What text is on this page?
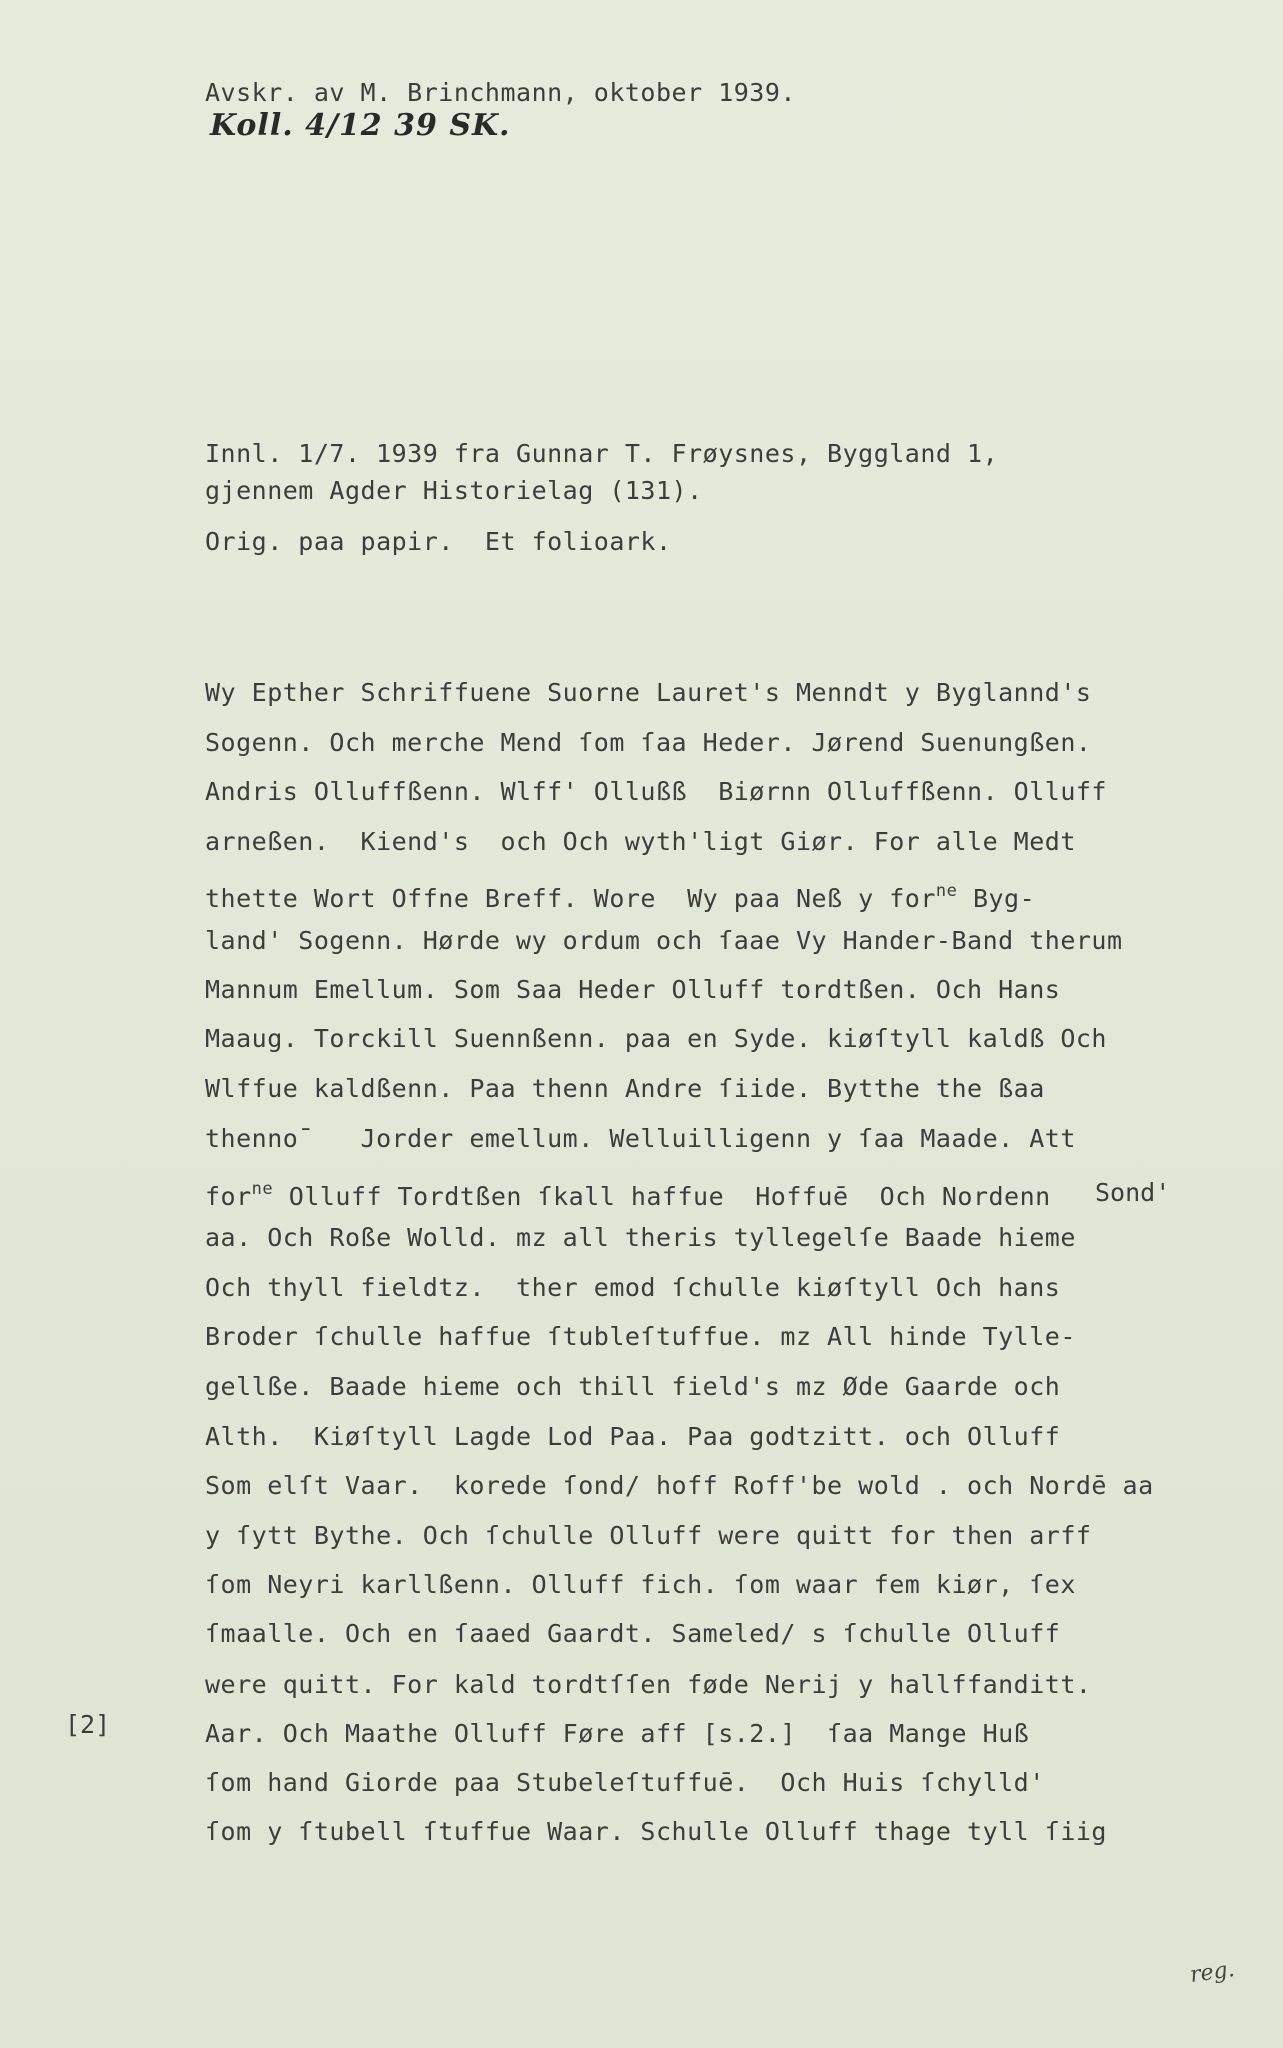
Avskr. av M. Brinchmann, oktober 1939.
Koll. 4/12 39 SK.
Innl. 1/7. 1939 fra Gunnar T. Frøysnes, Byggland 1,
gjennem Agder Historielag (131).
Orig. paa papir.  Et folioark.
Wy Epther Schriffuene Suorne Lauret's Menndt y Byglannd's
Sogenn. Och merche Mend ſom ſaa Heder. Jørend Suenungßen.
Andris Olluffßenn. Wlff' Ollußß  Biørnn Olluffßenn. Olluff
arneßen.  Kiend's  och Och wyth'ligt Giør. For alle Medt
thette Wort Offne Breff. Wore  Wy paa Neß y for$^{ne}$ Byg-
land' Sogenn. Hørde wy ordum och ſaae Vy Hander-Band therum
Mannum Emellum. Som Saa Heder Olluff tordtßen. Och Hans
Maaug. Torckill Suennßenn. paa en Syde. kiøſtyll kaldß Och
Wlffue kaldßenn. Paa thenn Andre ſiide. Bytthe the ßaa
thenno¯   Jorder emellum. Welluilligenn y ſaa Maade. Att
for$^{ne}$ Olluff Tordtßen ſkall haffue  Hoffuē  Och Nordenn Sond'
aa. Och Roße Wolld. mz all theris tyllegelſe Baade hieme
Och thyll fieldtz.  ther emod ſchulle kiøſtyll Och hans
Broder ſchulle haffue ſtubleſtuffue. mz All hinde Tylle-
gellße. Baade hieme och thill field's mz Øde Gaarde och
Alth.  Kiøſtyll Lagde Lod Paa. Paa godtzitt. och Olluff
Som elſt Vaar.  korede ſond/ hoff Roff'be wold . och Nordē aa
y ſytt Bythe. Och ſchulle Olluff were quitt for then arff
ſom Neyri karllßenn. Olluff fich. ſom waar fem kiør, ſex
ſmaalle. Och en ſaaed Gaardt. Sameled/ s ſchulle Olluff
were quitt. For kald tordtſſen føde Nerij y hallffanditt.
[2]	Aar. Och Maathe Olluff Føre aff [s.2.]  ſaa Mange Huß
ſom hand Giorde paa Stubeleſtuffuē.  Och Huis ſchylld'
ſom y ſtubell ſtuffue Waar. Schulle Olluff thage tyll ſiig
reg.
